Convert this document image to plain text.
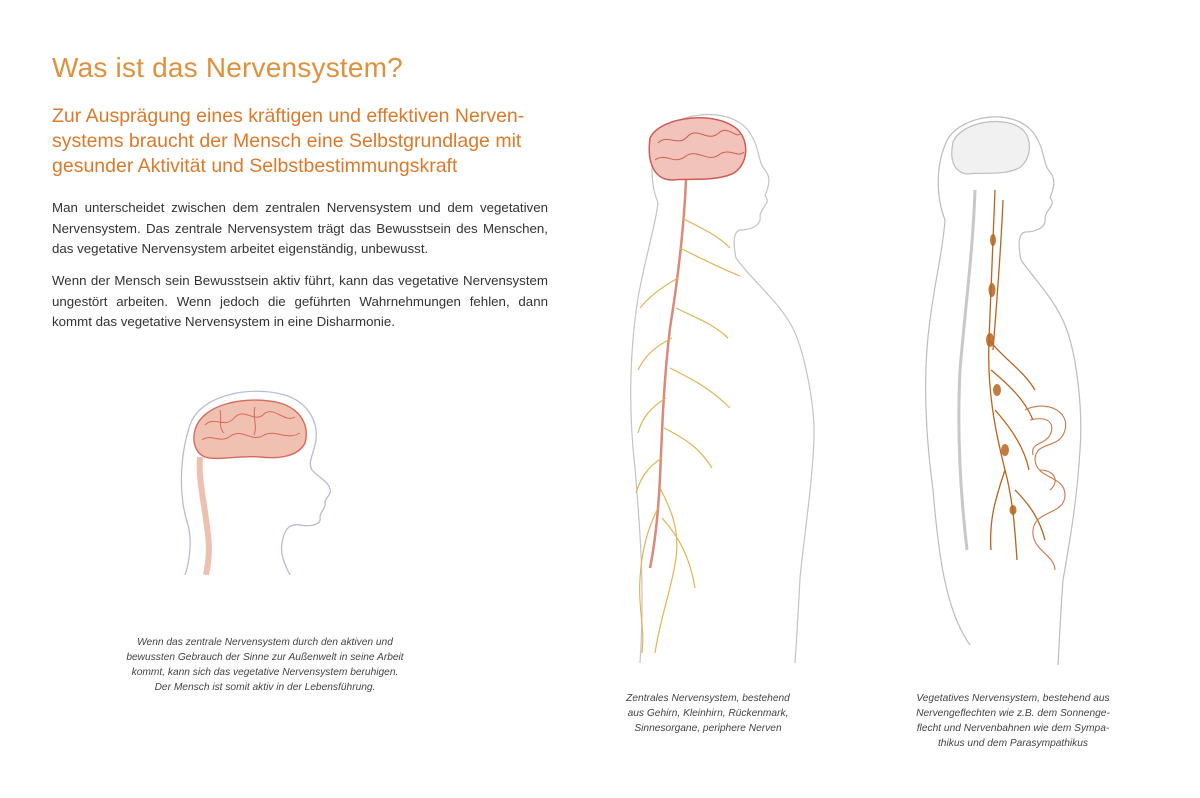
Was ist das Nervensystem?
Zur Ausprägung eines kräftigen und effektiven Nerven-
systems braucht der Mensch eine Selbstgrundlage mit
gesunder Aktivität und Selbstbestimmungskraft

Man unterscheidet zwischen dem zentralen Nervensystem und dem vegetativen
Nervensystem. Das zentrale Nervensystem trägt das Bewusstsein des Menschen,
das vegetative Nervensystem arbeitet eigenständig, unbewusst.

Wenn der Mensch sein Bewusstsein aktiv führt, kann das vegetative Nervensystem
ungestört arbeiten. Wenn jedoch die geführten Wahrnehmungen fehlen, dann
kommt das vegetative Nervensystem in eine Disharmonie.

Wenn das zentrale Nervensystem durch den aktiven und
bewussten Gebrauch der Sinne zur Außenwelt in seine Arbeit
kommt, kann sich das vegetative Nervensystem beruhigen.
Der Mensch ist somit aktiv in der Lebensführung.

Zentrales Nervensystem, bestehend
aus Gehirn, Kleinhirn, Rückenmark,
Sinnesorgane, periphere Nerven

Vegetatives Nervensystem, bestehend aus
Nervengeflechten wie z.B. dem Sonnenge-
flecht und Nervenbahnen wie dem Sympa-
thikus und dem Parasympathikus
